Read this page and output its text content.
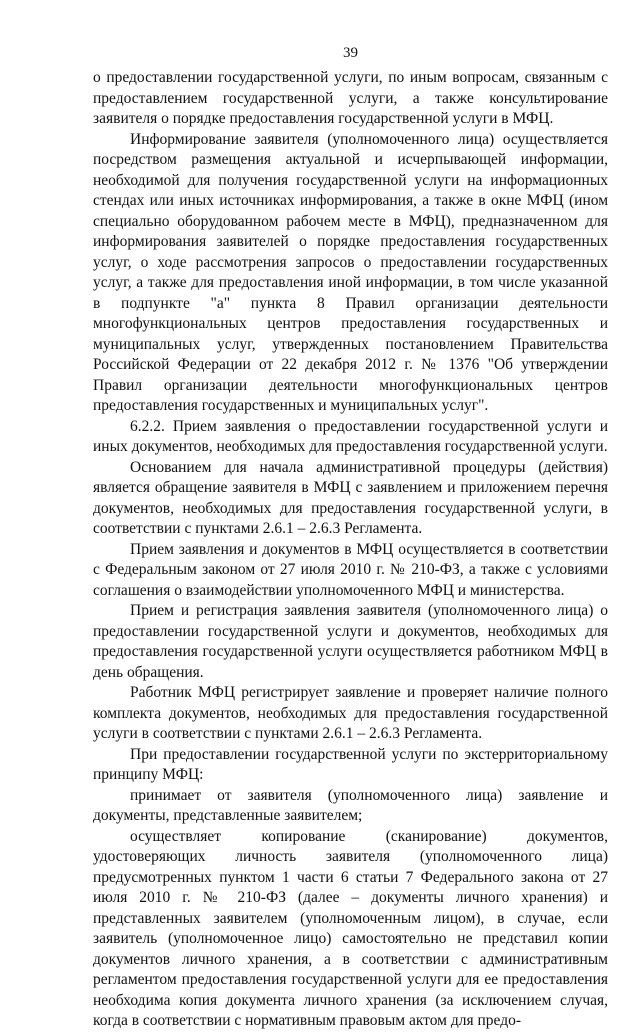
39

о предоставлении государственной услуги, по иным вопросам, связанным с предоставлением государственной услуги, а также консультирование заявителя о порядке предоставления государственной услуги в МФЦ.

Информирование заявителя (уполномоченного лица) осуществляется посредством размещения актуальной и исчерпывающей информации, необходимой для получения государственной услуги на информационных стендах или иных источниках информирования, а также в окне МФЦ (ином специально оборудованном рабочем месте в МФЦ), предназначенном для информирования заявителей о порядке предоставления государственных услуг, о ходе рассмотрения запросов о предоставлении государственных услуг, а также для предоставления иной информации, в том числе указанной в подпункте "а" пункта 8 Правил организации деятельности многофункциональных центров предоставления государственных и муниципальных услуг, утвержденных постановлением Правительства Российской Федерации от 22 декабря 2012 г. № 1376 "Об утверждении Правил организации деятельности многофункциональных центров предоставления государственных и муниципальных услуг".

6.2.2. Прием заявления о предоставлении государственной услуги и иных документов, необходимых для предоставления государственной услуги.

Основанием для начала административной процедуры (действия) является обращение заявителя в МФЦ с заявлением и приложением перечня документов, необходимых для предоставления государственной услуги, в соответствии с пунктами 2.6.1 – 2.6.3 Регламента.

Прием заявления и документов в МФЦ осуществляется в соответствии с Федеральным законом от 27 июля 2010 г. № 210-ФЗ, а также с условиями соглашения о взаимодействии уполномоченного МФЦ и министерства.

Прием и регистрация заявления заявителя (уполномоченного лица) о предоставлении государственной услуги и документов, необходимых для предоставления государственной услуги осуществляется работником МФЦ в день обращения.

Работник МФЦ регистрирует заявление и проверяет наличие полного комплекта документов, необходимых для предоставления государственной услуги в соответствии с пунктами 2.6.1 – 2.6.3 Регламента.

При предоставлении государственной услуги по экстерриториальному принципу МФЦ:

принимает от заявителя (уполномоченного лица) заявление и документы, представленные заявителем;

осуществляет копирование (сканирование) документов, удостоверяющих личность заявителя (уполномоченного лица) предусмотренных пунктом 1 части 6 статьи 7 Федерального закона от 27 июля 2010 г. № 210-ФЗ (далее – документы личного хранения) и представленных заявителем (уполномоченным лицом), в случае, если заявитель (уполномоченное лицо) самостоятельно не представил копии документов личного хранения, а в соответствии с административным регламентом предоставления государственной услуги для ее предоставления необходима копия документа личного хранения (за исключением случая, когда в соответствии с нормативным правовым актом для предо-
